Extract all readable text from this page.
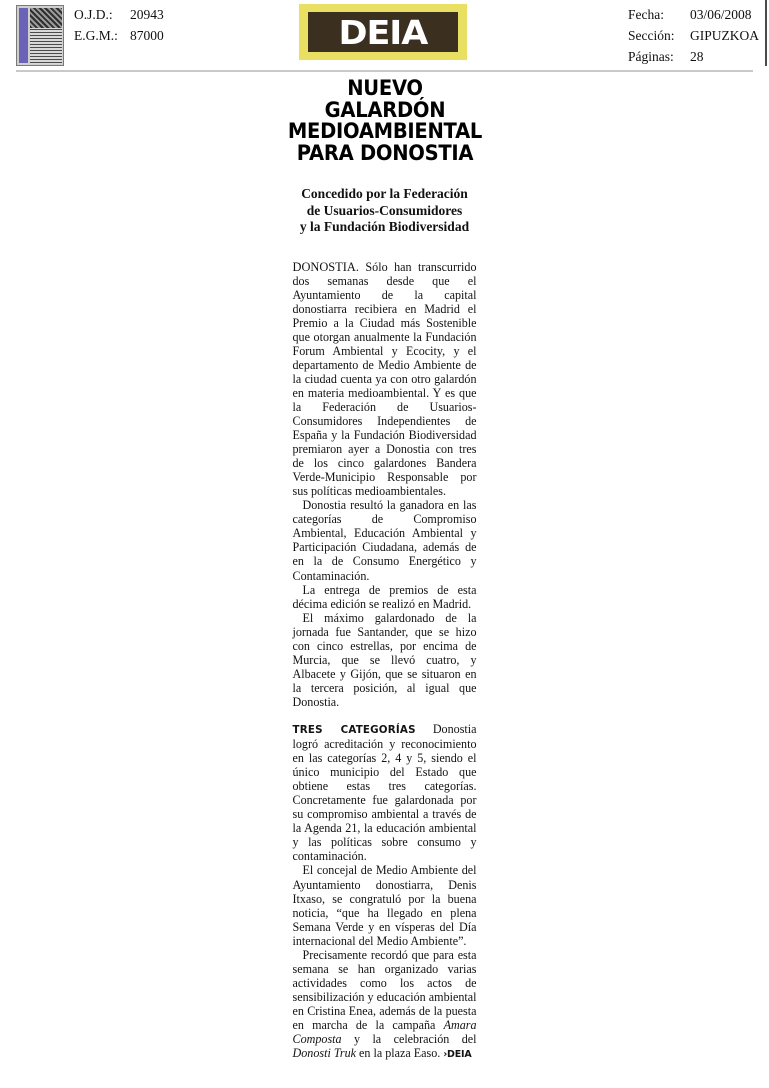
O.J.D.: 20943
E.G.M.: 87000	DEIA	Fecha: 03/06/2008
Sección: GIPUZKOA
Páginas: 28
NUEVO
GALARDÓN
MEDIOAMBIENTAL
PARA DONOSTIA
Concedido por la Federación
de Usuarios-Consumidores
y la Fundación Biodiversidad

DONOSTIA. Sólo han transcurrido dos semanas desde que el Ayuntamiento de la capital donostiarra recibiera en Madrid el Premio a la Ciudad más Sostenible que otorgan anualmente la Fundación Forum Ambiental y Ecocity, y el departamento de Medio Ambiente de la ciudad cuenta ya con otro galardón en materia medioambiental. Y es que la Federación de Usuarios-Consumidores Independientes de España y la Fundación Biodiversidad premiaron ayer a Donostia con tres de los cinco galardones Bandera Verde-Municipio Responsable por sus políticas medioambientales.

Donostia resultó la ganadora en las categorías de Compromiso Ambiental, Educación Ambiental y Participación Ciudadana, además de en la de Consumo Energético y Contaminación.

La entrega de premios de esta décima edición se realizó en Madrid.

El máximo galardonado de la jornada fue Santander, que se hizo con cinco estrellas, por encima de Murcia, que se llevó cuatro, y Albacete y Gijón, que se situaron en la tercera posición, al igual que Donostia.

TRES CATEGORÍAS Donostia logró acreditación y reconocimiento en las categorías 2, 4 y 5, siendo el único municipio del Estado que obtiene estas tres categorías. Concretamente fue galardonada por su compromiso ambiental a través de la Agenda 21, la educación ambiental y las políticas sobre consumo y contaminación.

El concejal de Medio Ambiente del Ayuntamiento donostiarra, Denis Itxaso, se congratuló por la buena noticia, “que ha llegado en plena Semana Verde y en vísperas del Día internacional del Medio Ambiente”.

Precisamente recordó que para esta semana se han organizado varias actividades como los actos de sensibilización y educación ambiental en Cristina Enea, además de la puesta en marcha de la campaña Amara Composta y la celebración del Donosti Truk en la plaza Easo. ›DEIA
